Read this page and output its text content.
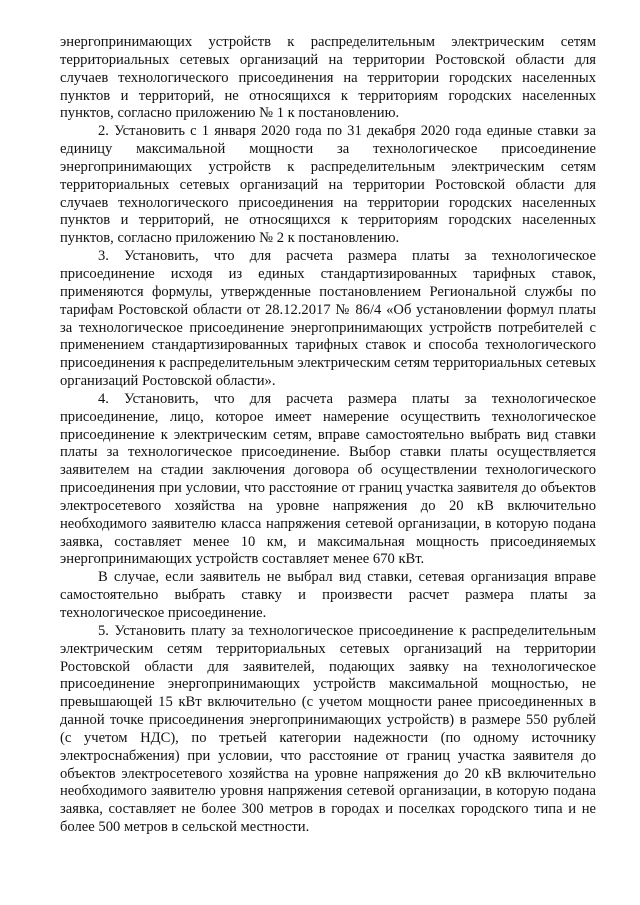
энергопринимающих устройств к распределительным электрическим сетям территориальных сетевых организаций на территории Ростовской области для случаев технологического присоединения на территории городских населенных пунктов и территорий, не относящихся к территориям городских населенных пунктов, согласно приложению № 1 к постановлению.

2. Установить с 1 января 2020 года по 31 декабря 2020 года единые ставки за единицу максимальной мощности за технологическое присоединение энергопринимающих устройств к распределительным электрическим сетям территориальных сетевых организаций на территории Ростовской области для случаев технологического присоединения на территории городских населенных пунктов и территорий, не относящихся к территориям городских населенных пунктов, согласно приложению № 2 к постановлению.

3. Установить, что для расчета размера платы за технологическое присоединение исходя из единых стандартизированных тарифных ставок, применяются формулы, утвержденные постановлением Региональной службы по тарифам Ростовской области от 28.12.2017 № 86/4 «Об установлении формул платы за технологическое присоединение энергопринимающих устройств потребителей с применением стандартизированных тарифных ставок и способа технологического присоединения к распределительным электрическим сетям территориальных сетевых организаций Ростовской области».

4. Установить, что для расчета размера платы за технологическое присоединение, лицо, которое имеет намерение осуществить технологическое присоединение к электрическим сетям, вправе самостоятельно выбрать вид ставки платы за технологическое присоединение. Выбор ставки платы осуществляется заявителем на стадии заключения договора об осуществлении технологического присоединения при условии, что расстояние от границ участка заявителя до объектов электросетевого хозяйства на уровне напряжения до 20 кВ включительно необходимого заявителю класса напряжения сетевой организации, в которую подана заявка, составляет менее 10 км, и максимальная мощность присоединяемых энергопринимающих устройств составляет менее 670 кВт.

В случае, если заявитель не выбрал вид ставки, сетевая организация вправе самостоятельно выбрать ставку и произвести расчет размера платы за технологическое присоединение.

5. Установить плату за технологическое присоединение к распределительным электрическим сетям территориальных сетевых организаций на территории Ростовской области для заявителей, подающих заявку на технологическое присоединение энергопринимающих устройств максимальной мощностью, не превышающей 15 кВт включительно (с учетом мощности ранее присоединенных в данной точке присоединения энергопринимающих устройств) в размере 550 рублей (с учетом НДС), по третьей категории надежности (по одному источнику электроснабжения) при условии, что расстояние от границ участка заявителя до объектов электросетевого хозяйства на уровне напряжения до 20 кВ включительно необходимого заявителю уровня напряжения сетевой организации, в которую подана заявка, составляет не более 300 метров в городах и поселках городского типа и не более 500 метров в сельской местности.
